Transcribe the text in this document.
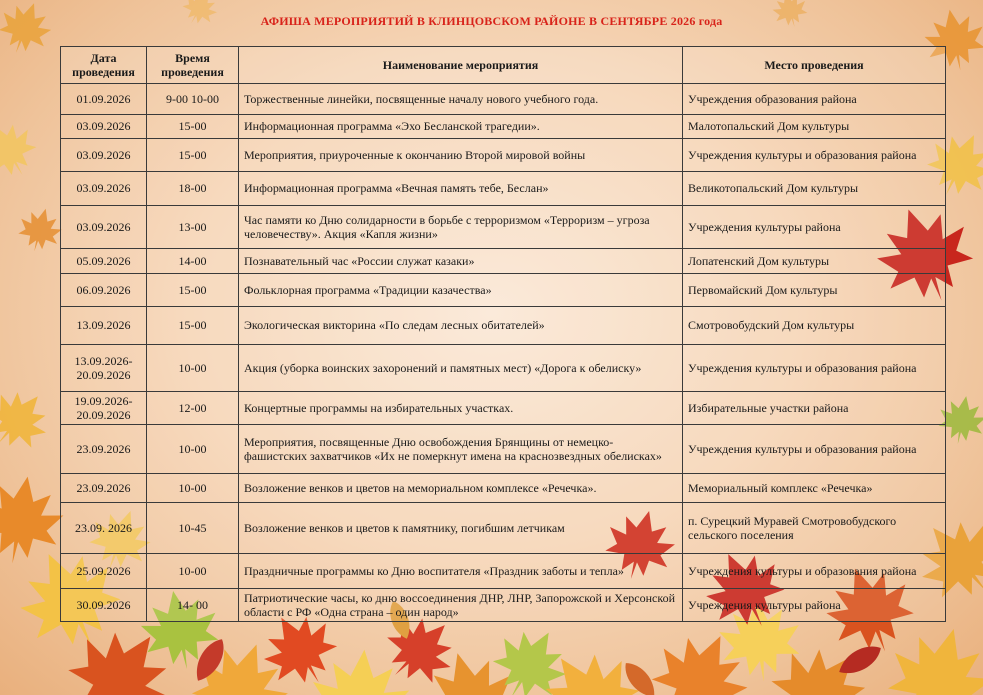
АФИША МЕРОПРИЯТИЙ В КЛИНЦОВСКОМ РАЙОНЕ В СЕНТЯБРЕ 2026 года
Дата проведения	Время проведения	Наименование мероприятия	Место проведения
01.09.2026	9-00 10-00	Торжественные линейки, посвященные началу нового учебного года.	Учреждения образования района
03.09.2026	15-00	Информационная программа «Эхо Бесланской трагедии».	Малотопальский Дом культуры
03.09.2026	15-00	Мероприятия, приуроченные к окончанию Второй мировой войны	Учреждения культуры и образования района
03.09.2026	18-00	Информационная программа «Вечная память тебе, Беслан»	Великотопальский Дом культуры
03.09.2026	13-00	Час памяти ко Дню солидарности в борьбе с терроризмом «Терроризм – угроза человечеству». Акция «Капля жизни»	Учреждения культуры района
05.09.2026	14-00	Познавательный час «России служат казаки»	Лопатенский Дом культуры
06.09.2026	15-00	Фольклорная программа «Традиции казачества»	Первомайский Дом культуры
13.09.2026	15-00	Экологическая викторина «По следам лесных обитателей»	Смотровобудский Дом культуры
13.09.2026- 20.09.2026	10-00	Акция (уборка воинских захоронений и памятных мест) «Дорога к обелиску»	Учреждения культуры и образования района
19.09.2026- 20.09.2026	12-00	Концертные программы на избирательных участках.	Избирательные участки района
23.09.2026	10-00	Мероприятия, посвященные Дню освобождения Брянщины от немецко- фашистских захватчиков «Их не померкнут имена на краснозвездных обелисках»	Учреждения культуры и образования района
23.09.2026	10-00	Возложение венков и цветов на мемориальном комплексе «Речечка».	Мемориальный комплекс «Речечка»
23.09. 2026	10-45	Возложение венков и цветов к памятнику, погибшим летчикам	п. Сурецкий Муравей Смотровобудского сельского поселения
25.09.2026	10-00	Праздничные программы ко Дню воспитателя «Праздник заботы и тепла»	Учреждения культуры и образования района
30.09.2026	14- 00	Патриотические часы, ко дню воссоединения ДНР, ЛНР, Запорожской и Херсонской области с РФ «Одна страна – один народ»	Учреждения культуры района
